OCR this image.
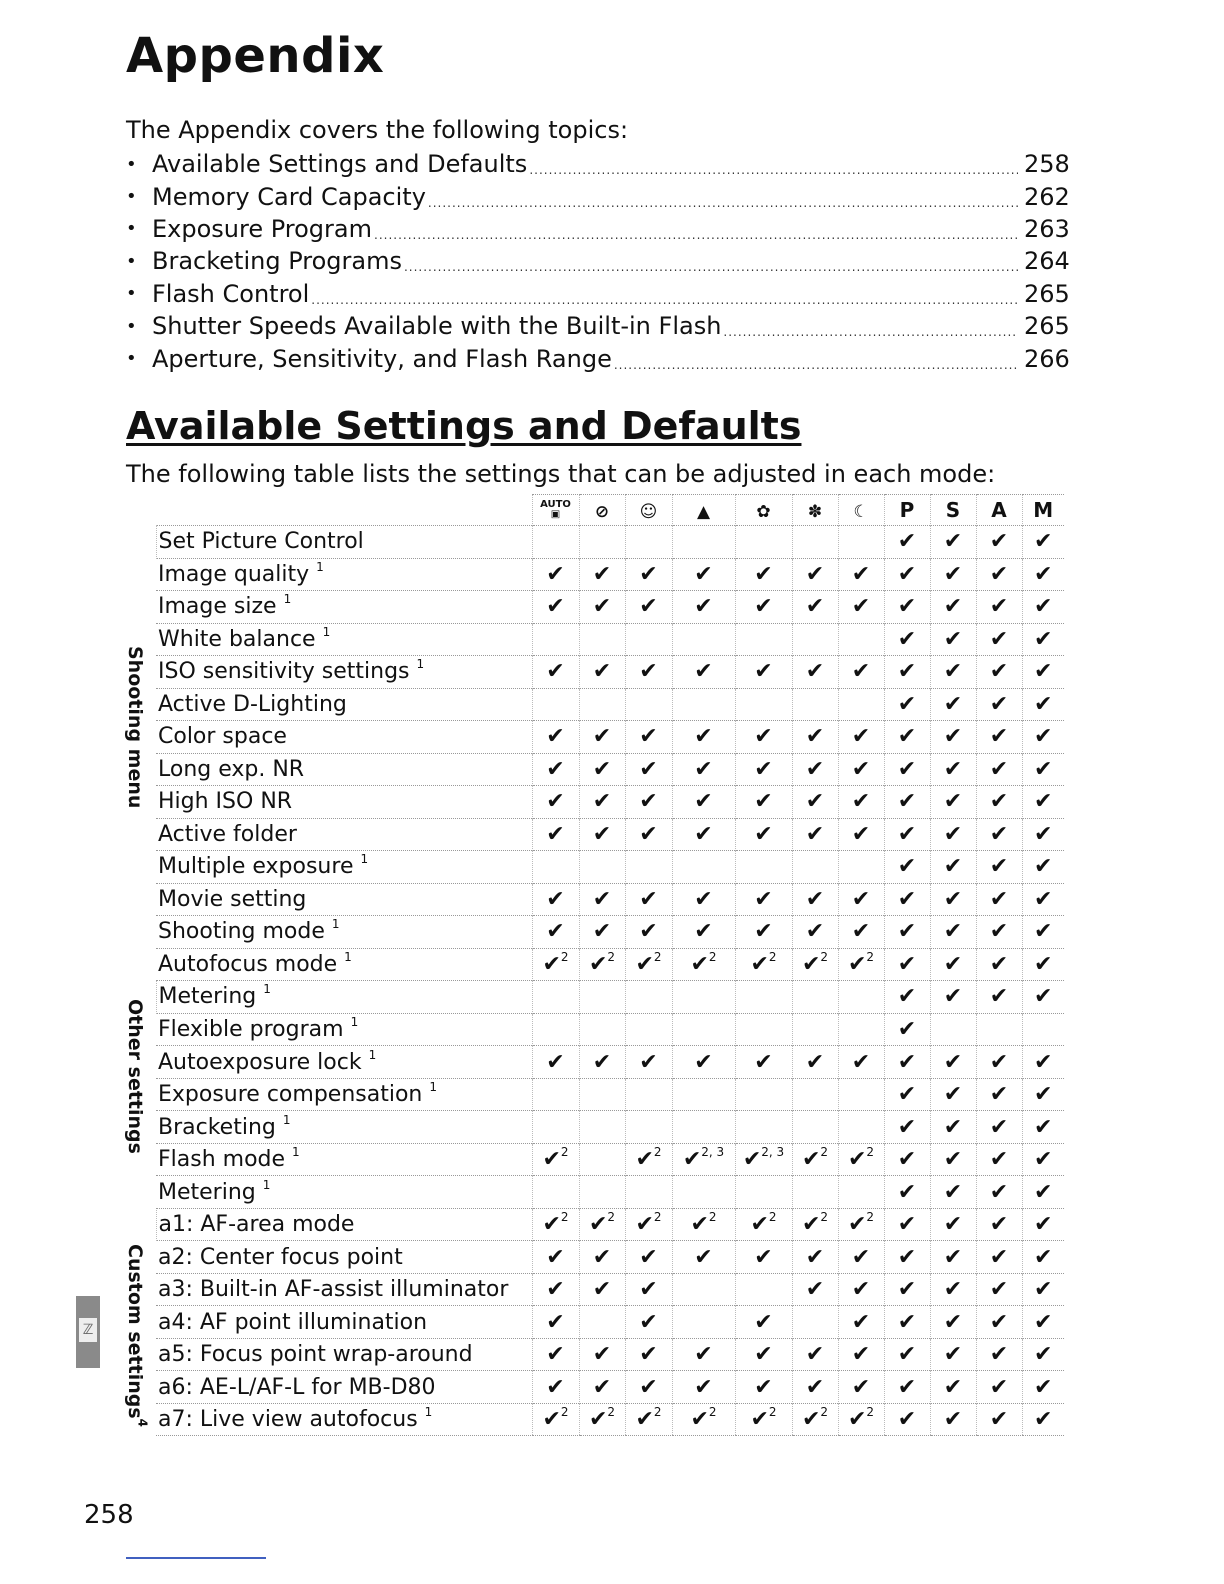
Appendix

The Appendix covers the following topics:

• Available Settings and Defaults .....	258
• Memory Card Capacity .....	262
• Exposure Program .....	263
• Bracketing Programs .....	264
• Flash Control .....	265
• Shutter Speeds Available with the Built-in Flash .....	265
• Aperture, Sensitivity, and Flash Range .....	266
Available Settings and Defaults

The following table lists the settings that can be adjusted in each mode:

		AUTO
▣	⊘	☺	▲	✿	✽	☾	P	S	A	M

Shooting menu	Set Picture Control								✔	✔	✔	✔
	Image quality $^1$	✔	✔	✔	✔	✔	✔	✔	✔	✔	✔	✔
	Image size $^1$	✔	✔	✔	✔	✔	✔	✔	✔	✔	✔	✔
	White balance $^1$								✔	✔	✔	✔
	ISO sensitivity settings $^1$	✔	✔	✔	✔	✔	✔	✔	✔	✔	✔	✔
	Active D-Lighting								✔	✔	✔	✔
	Color space	✔	✔	✔	✔	✔	✔	✔	✔	✔	✔	✔
	Long exp. NR	✔	✔	✔	✔	✔	✔	✔	✔	✔	✔	✔
	High ISO NR	✔	✔	✔	✔	✔	✔	✔	✔	✔	✔	✔
	Active folder	✔	✔	✔	✔	✔	✔	✔	✔	✔	✔	✔
	Multiple exposure $^1$								✔	✔	✔	✔
	Movie setting	✔	✔	✔	✔	✔	✔	✔	✔	✔	✔	✔
	Shooting mode $^1$	✔	✔	✔	✔	✔	✔	✔	✔	✔	✔	✔
	Autofocus mode $^1$	✔$^2$	✔$^2$	✔$^2$	✔$^2$	✔$^2$	✔$^2$	✔$^2$	✔	✔	✔	✔

Other settings	Metering $^1$								✔	✔	✔	✔
	Flexible program $^1$								✔			
	Autoexposure lock $^1$	✔	✔	✔	✔	✔	✔	✔	✔	✔	✔	✔
	Exposure compensation $^1$								✔	✔	✔	✔
	Bracketing $^1$								✔	✔	✔	✔
	Flash mode $^1$	✔$^2$		✔$^2$	✔$^{2, 3}$	✔$^{2, 3}$	✔$^2$	✔$^2$	✔	✔	✔	✔
	Metering $^1$								✔	✔	✔	✔

Custom settings$^4$	a1: AF-area mode	✔$^2$	✔$^2$	✔$^2$	✔$^2$	✔$^2$	✔$^2$	✔$^2$	✔	✔	✔	✔
	a2: Center focus point	✔	✔	✔	✔	✔	✔	✔	✔	✔	✔	✔
	a3: Built-in AF-assist illuminator	✔	✔	✔			✔	✔	✔	✔	✔	✔
	a4: AF point illumination	✔		✔		✔		✔	✔	✔	✔	✔
	a5: Focus point wrap-around	✔	✔	✔	✔	✔	✔	✔	✔	✔	✔	✔
	a6: AE-L/AF-L for MB-D80	✔	✔	✔	✔	✔	✔	✔	✔	✔	✔	✔
	a7: Live view autofocus $^1$	✔$^2$	✔$^2$	✔$^2$	✔$^2$	✔$^2$	✔$^2$	✔$^2$	✔	✔	✔	✔
ℤ

258
